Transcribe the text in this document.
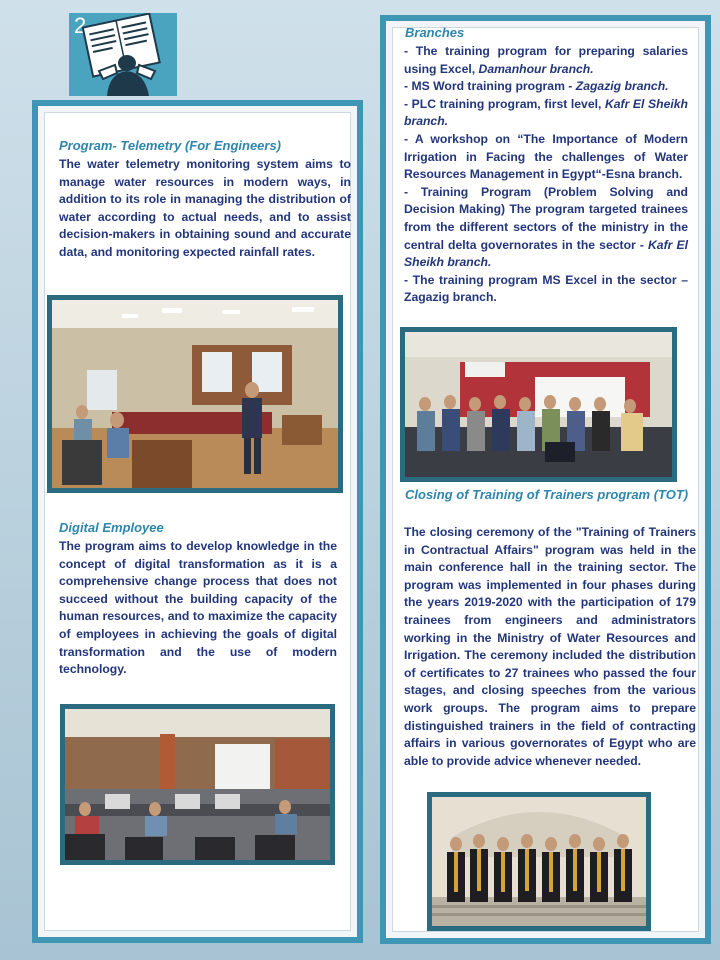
2
Program- Telemetry (For Engineers)
The water telemetry monitoring system aims to manage water resources in modern ways, in addition to its role in managing the distribution of water according to actual needs, and to assist decision-makers in obtaining sound and accurate data, and monitoring expected rainfall rates.
Digital Employee
The program aims to develop knowledge in the concept of digital transformation as it is a comprehensive change process that does not succeed without the building capacity of the human resources, and to maximize the capacity of employees in achieving the goals of digital transformation and the use of modern technology.
Branches

- The training program for preparing salaries using Excel, Damanhour branch.

- MS Word training program - Zagazig branch.

- PLC training program, first level, Kafr El Sheikh branch.

- A workshop on “The Importance of Modern Irrigation in Facing the challenges of Water Resources Management in Egypt“-Esna branch.

- Training Program (Problem Solving and Decision Making) The program targeted trainees from the different sectors of the ministry in the central delta governorates in the sector - Kafr El Sheikh branch.

- The training program MS Excel in the sector – Zagazig branch.

Closing of Training of Trainers program (TOT)
The closing ceremony of the "Training of Trainers in Contractual Affairs" program was held in the main conference hall in the training sector. The program was implemented in four phases during the years 2019-2020 with the participation of 179 trainees from engineers and administrators working in the Ministry of Water Resources and Irrigation. The ceremony included the distribution of certificates to 27 trainees who passed the four stages, and closing speeches from the various work groups. The program aims to prepare distinguished trainers in the field of contracting affairs in various governorates of Egypt who are able to provide advice whenever needed.
